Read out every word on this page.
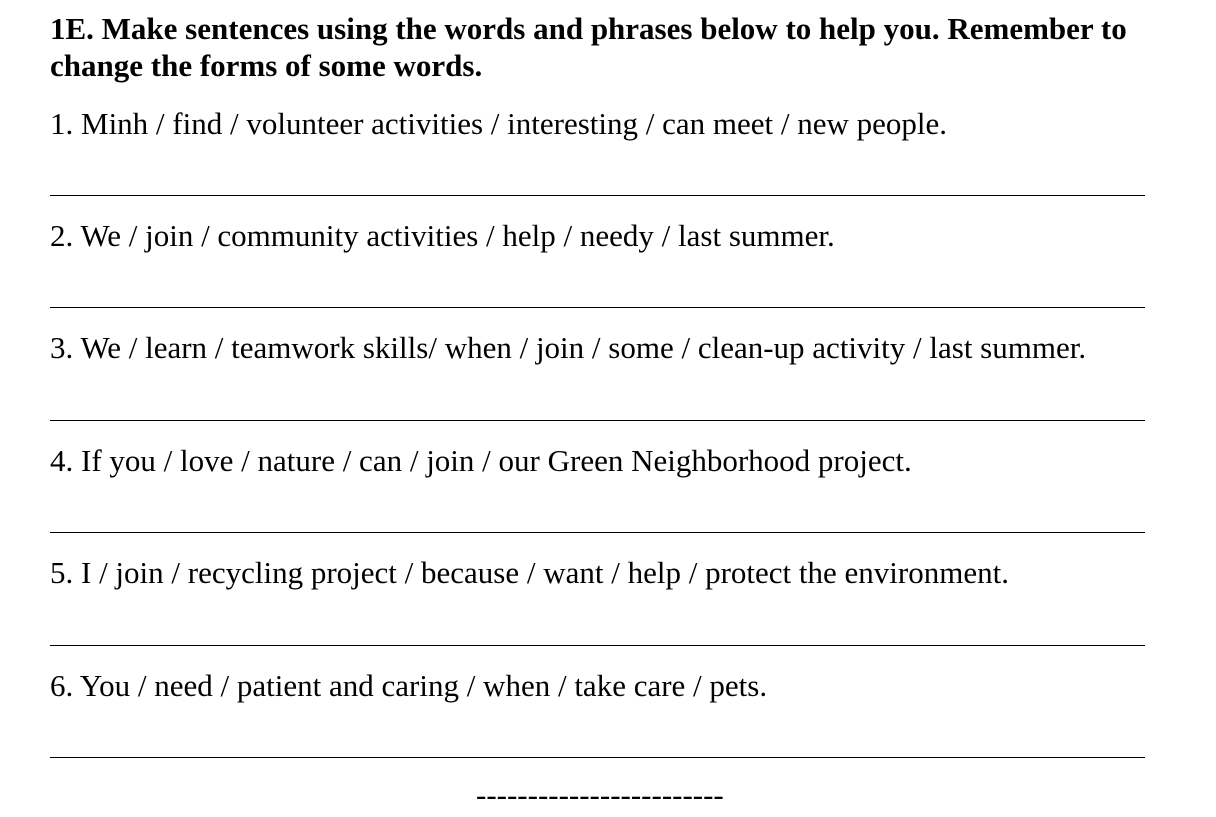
1E. Make sentences using the words and phrases below to help you. Remember to change the forms of some words.
1. Minh / find / volunteer activities / interesting / can meet / new people.
2. We / join / community activities / help / needy / last summer.
3. We / learn / teamwork skills/ when / join / some / clean-up activity / last summer.
4. If you / love / nature / can / join / our Green Neighborhood project.
5. I / join / recycling project / because / want / help / protect the environment.
6. You / need / patient and caring / when / take care / pets.
------------------------
